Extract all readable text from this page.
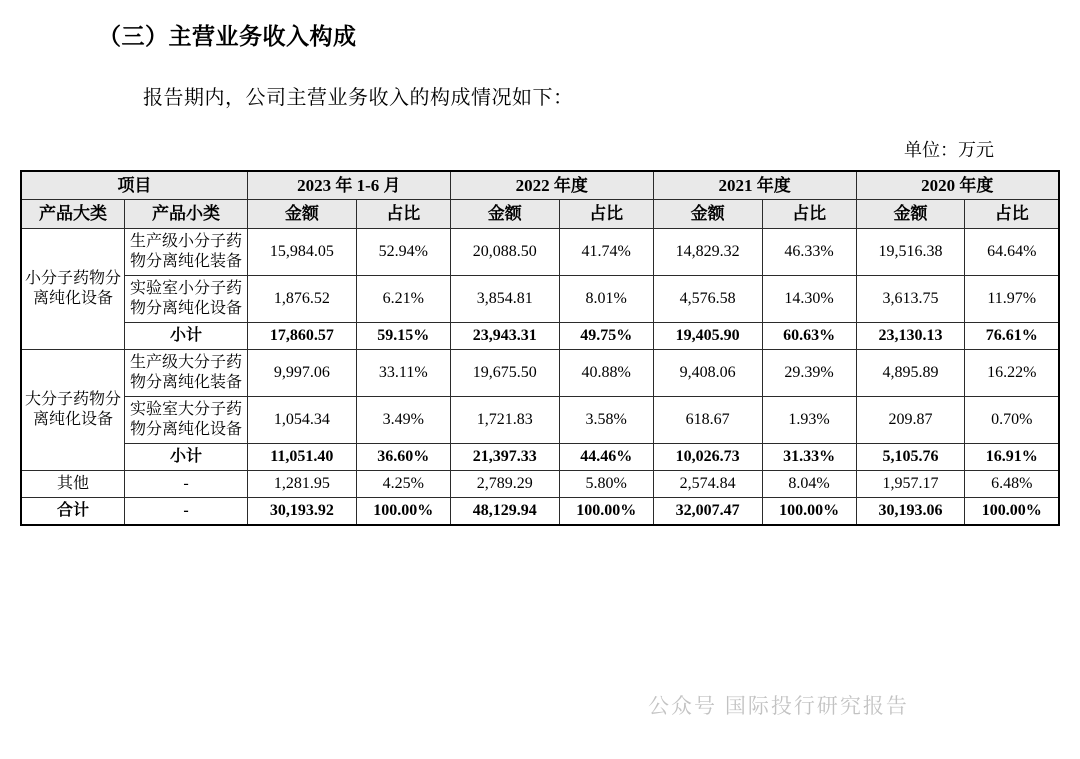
（三）主营业务收入构成
报告期内，公司主营业务收入的构成情况如下：
单位：万元
项目		2023 年 1-6 月		2022 年度		2021 年度		2020 年度	
产品大类	产品小类	金额	占比	金额	占比	金额	占比	金额	占比
小分子药物分离纯化设备	生产级小分子药物分离纯化装备	15,984.05	52.94%	20,088.50	41.74%	14,829.32	46.33%	19,516.38	64.64%
	实验室小分子药物分离纯化设备	1,876.52	6.21%	3,854.81	8.01%	4,576.58	14.30%	3,613.75	11.97%
	小计	17,860.57	59.15%	23,943.31	49.75%	19,405.90	60.63%	23,130.13	76.61%
大分子药物分离纯化设备	生产级大分子药物分离纯化装备	9,997.06	33.11%	19,675.50	40.88%	9,408.06	29.39%	4,895.89	16.22%
	实验室大分子药物分离纯化设备	1,054.34	3.49%	1,721.83	3.58%	618.67	1.93%	209.87	0.70%
	小计	11,051.40	36.60%	21,397.33	44.46%	10,026.73	31.33%	5,105.76	16.91%
其他	-	1,281.95	4.25%	2,789.29	5.80%	2,574.84	8.04%	1,957.17	6.48%
合计	-	30,193.92	100.00%	48,129.94	100.00%	32,007.47	100.00%	30,193.06	100.00%
公众号 国际投行研究报告
